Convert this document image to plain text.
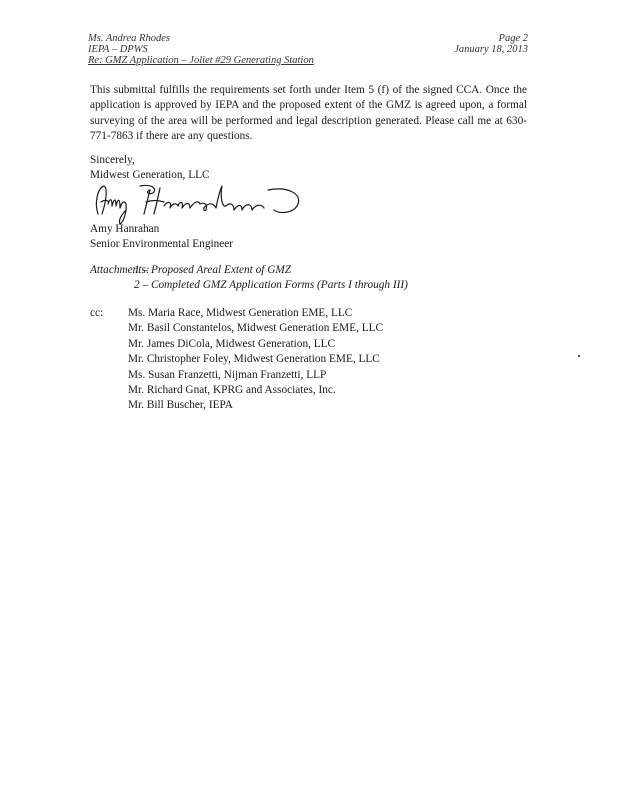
Ms. Andrea Rhodes
IEPA – DPWS
Re: GMZ Application – Joliet #29 Generating Station
Page 2
January 18, 2013
This submittal fulfills the requirements set forth under Item 5 (f) of the signed CCA. Once the application is approved by IEPA and the proposed extent of the GMZ is agreed upon, a formal surveying of the area will be performed and legal description generated. Please call me at 630-771-7863 if there are any questions.
Sincerely,
Midwest Generation, LLC
Amy Hanrahan
Senior Environmental Engineer
Attachments:1 – Proposed Areal Extent of GMZ
2 – Completed GMZ Application Forms (Parts I through III)
cc: Ms. Maria Race, Midwest Generation EME, LLC
Mr. Basil Constantelos, Midwest Generation EME, LLC
Mr. James DiCola, Midwest Generation, LLC
Mr. Christopher Foley, Midwest Generation EME, LLC
Ms. Susan Franzetti, Nijman Franzetti, LLP
Mr. Richard Gnat, KPRG and Associates, Inc.
Mr. Bill Buscher, IEPA
